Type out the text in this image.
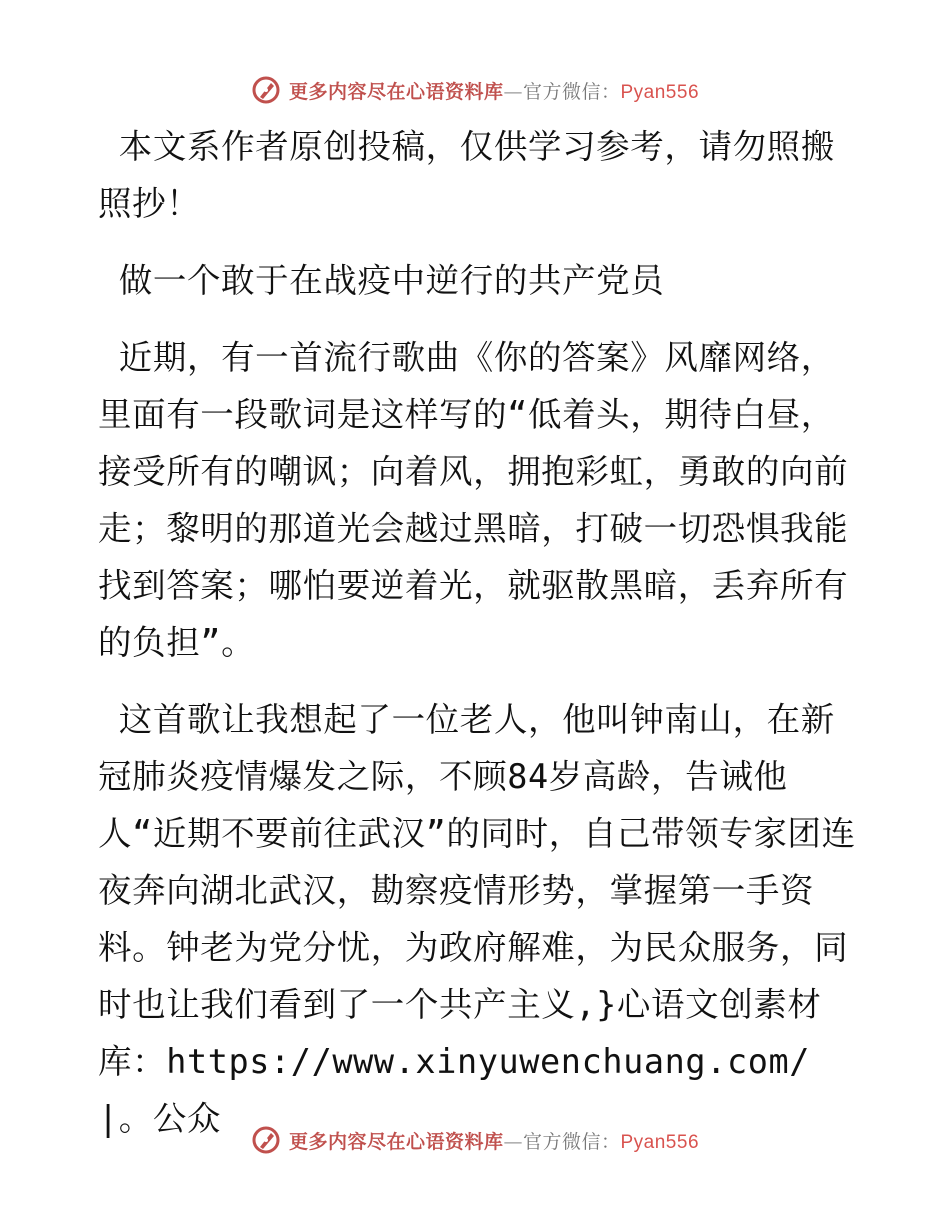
更多内容尽在心语资料库—官方微信：Pyan556

本文系作者原创投稿，仅供学习参考，请勿照搬照抄！

做一个敢于在战疫中逆行的共产党员

近期，有一首流行歌曲《你的答案》风靡网络，里面有一段歌词是这样写的“低着头，期待白昼，接受所有的嘲讽；向着风，拥抱彩虹，勇敢的向前走；黎明的那道光会越过黑暗，打破一切恐惧我能找到答案；哪怕要逆着光，就驱散黑暗，丢弃所有的负担”。

这首歌让我想起了一位老人，他叫钟南山，在新冠肺炎疫情爆发之际，不顾84岁高龄，告诫他人“近期不要前往武汉”的同时，自己带领专家团连夜奔向湖北武汉，勘察疫情形势，掌握第一手资料。钟老为党分忧，为政府解难，为民众服务，同时也让我们看到了一个共产主义,}心语文创素材库：https://www.xinyuwenchuang.com/|。公众

更多内容尽在心语资料库—官方微信：Pyan556
